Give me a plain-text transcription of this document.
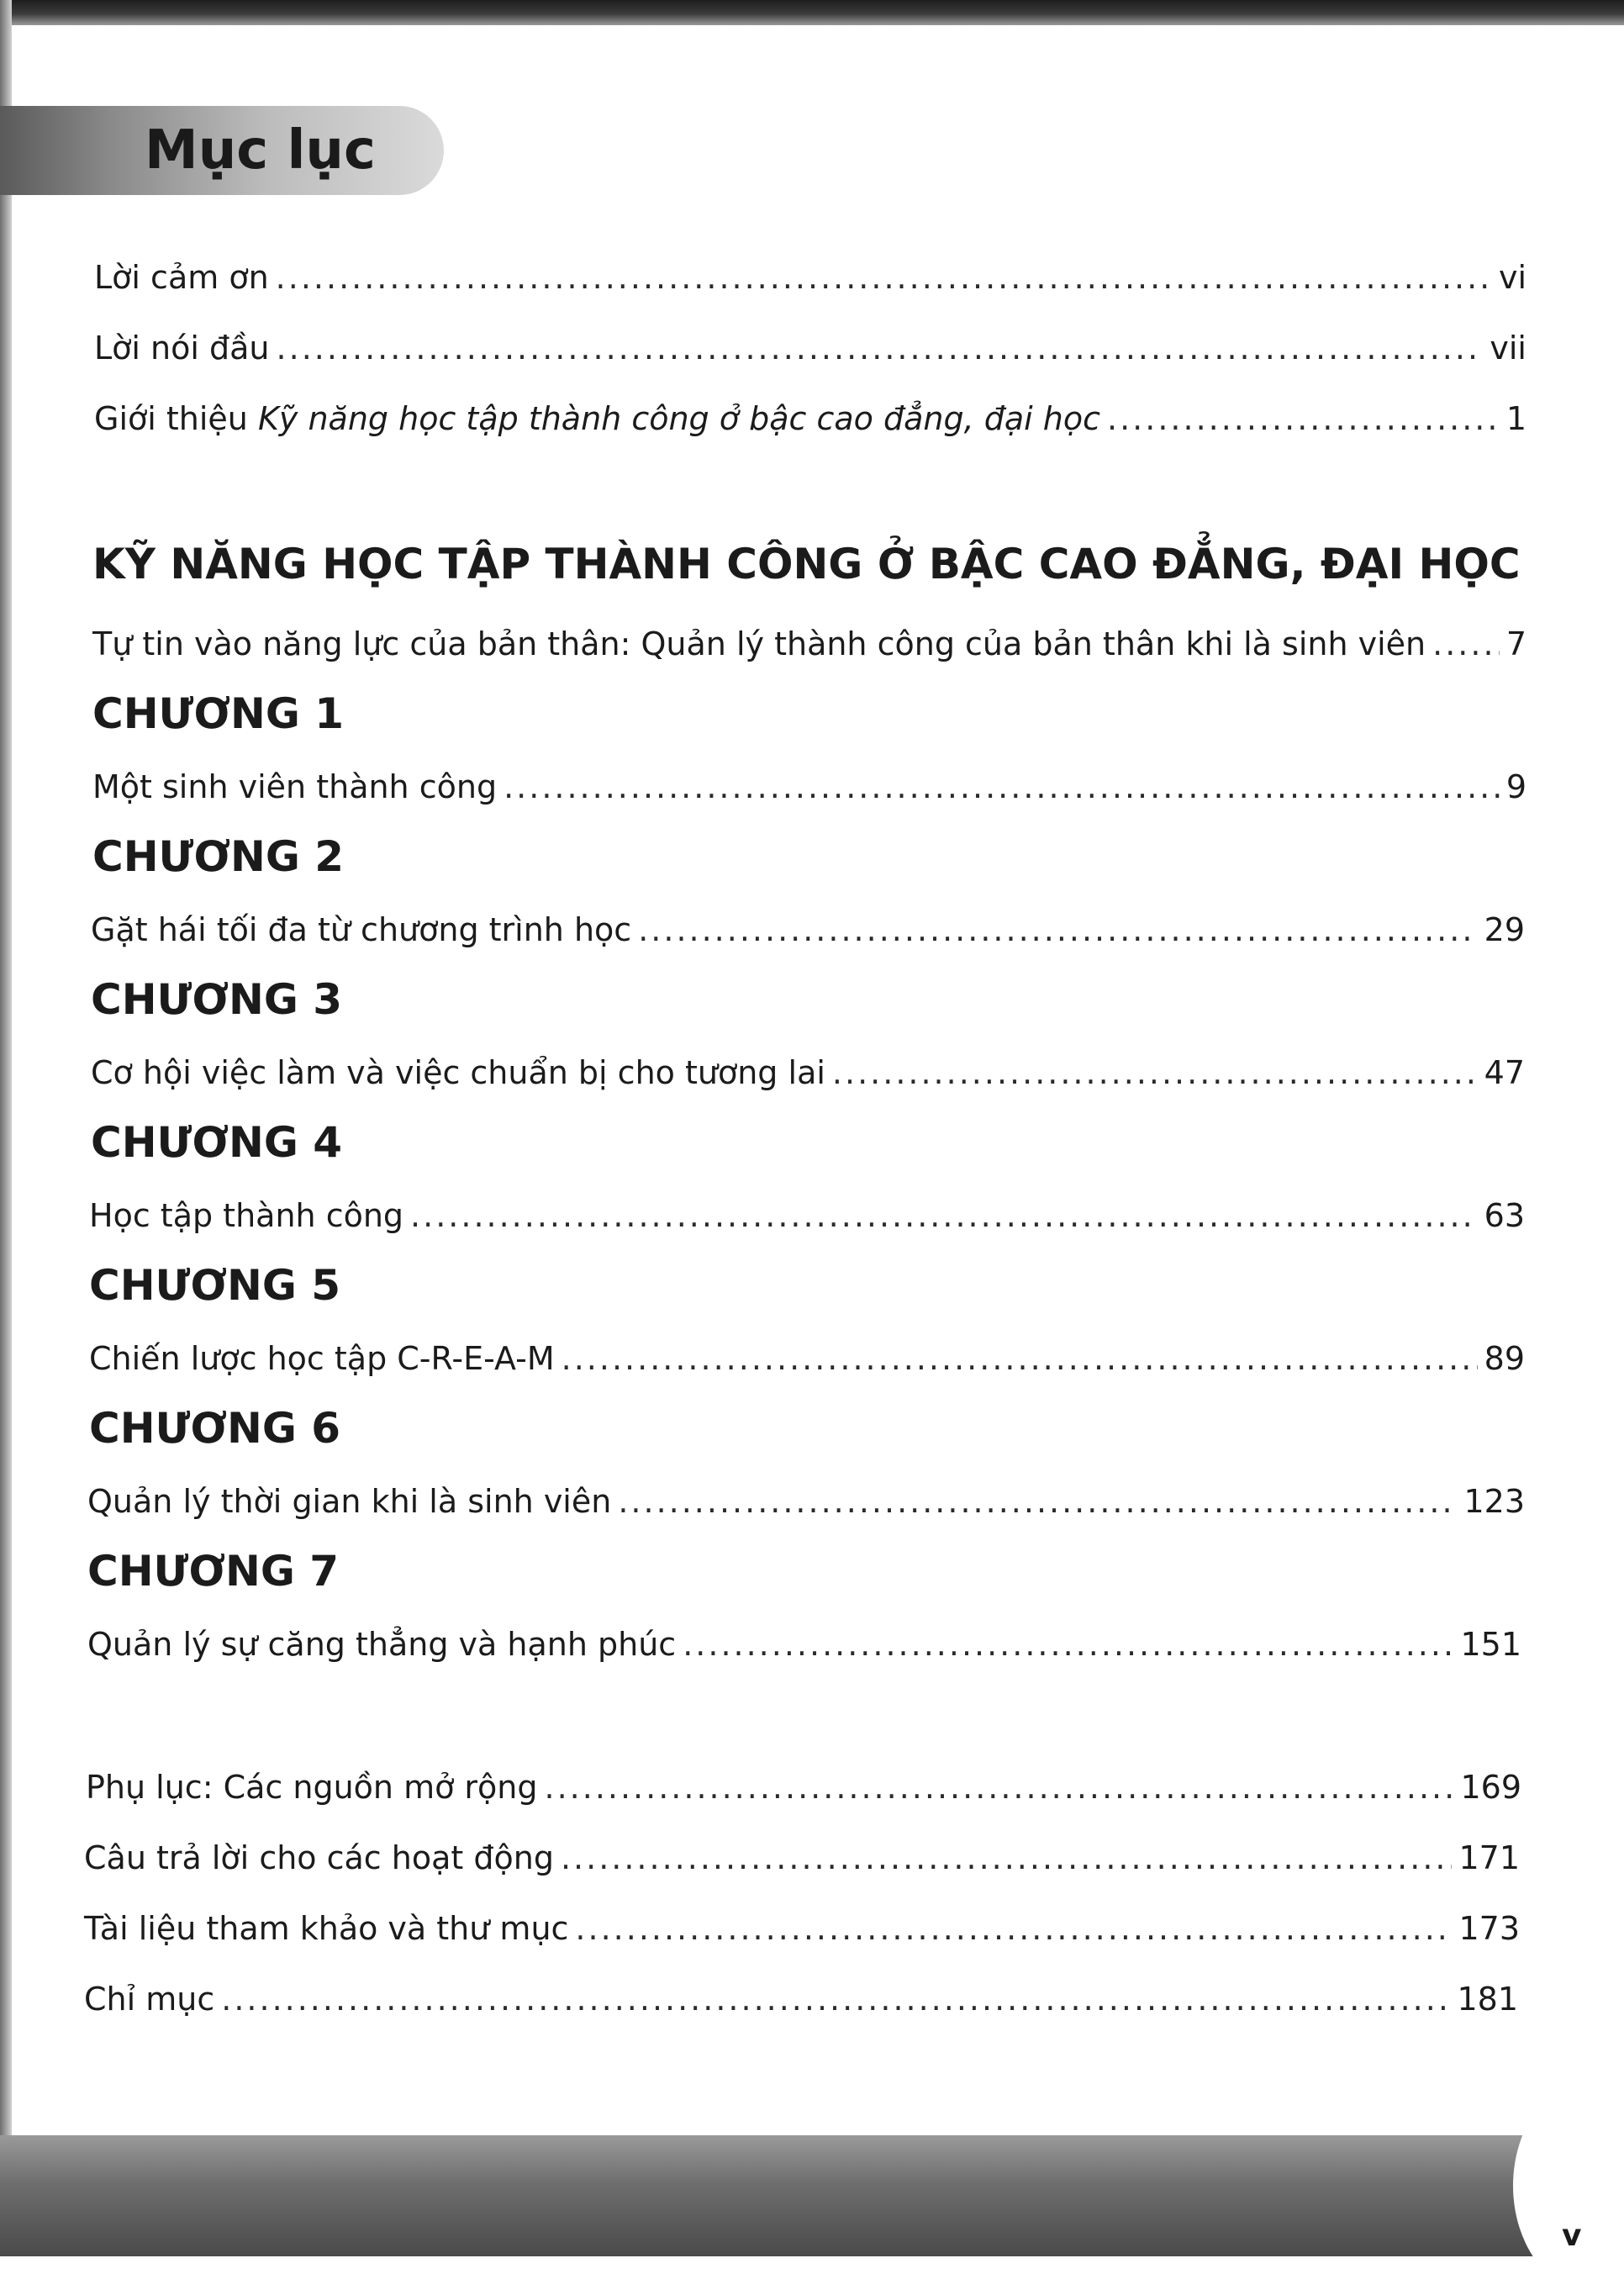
Mục lục
Lời cảm ơn .....	vi
Lời nói đầu .....	vii
Giới thiệu Kỹ năng học tập thành công ở bậc cao đẳng, đại học .....	1
KỸ NĂNG HỌC TẬP THÀNH CÔNG Ở BẬC CAO ĐẲNG, ĐẠI HỌC
Tự tin vào năng lực của bản thân: Quản lý thành công của bản thân khi là sinh viên .....	7
CHƯƠNG 1
Một sinh viên thành công .....	9
CHƯƠNG 2
Gặt hái tối đa từ chương trình học .....	29
CHƯƠNG 3
Cơ hội việc làm và việc chuẩn bị cho tương lai .....	47
CHƯƠNG 4
Học tập thành công .....	63
CHƯƠNG 5
Chiến lược học tập C-R-E-A-M .....	89
CHƯƠNG 6
Quản lý thời gian khi là sinh viên .....	123
CHƯƠNG 7
Quản lý sự căng thẳng và hạnh phúc .....	151
Phụ lục: Các nguồn mở rộng .....	169
Câu trả lời cho các hoạt động .....	171
Tài liệu tham khảo và thư mục .....	173
Chỉ mục .....	181
v
